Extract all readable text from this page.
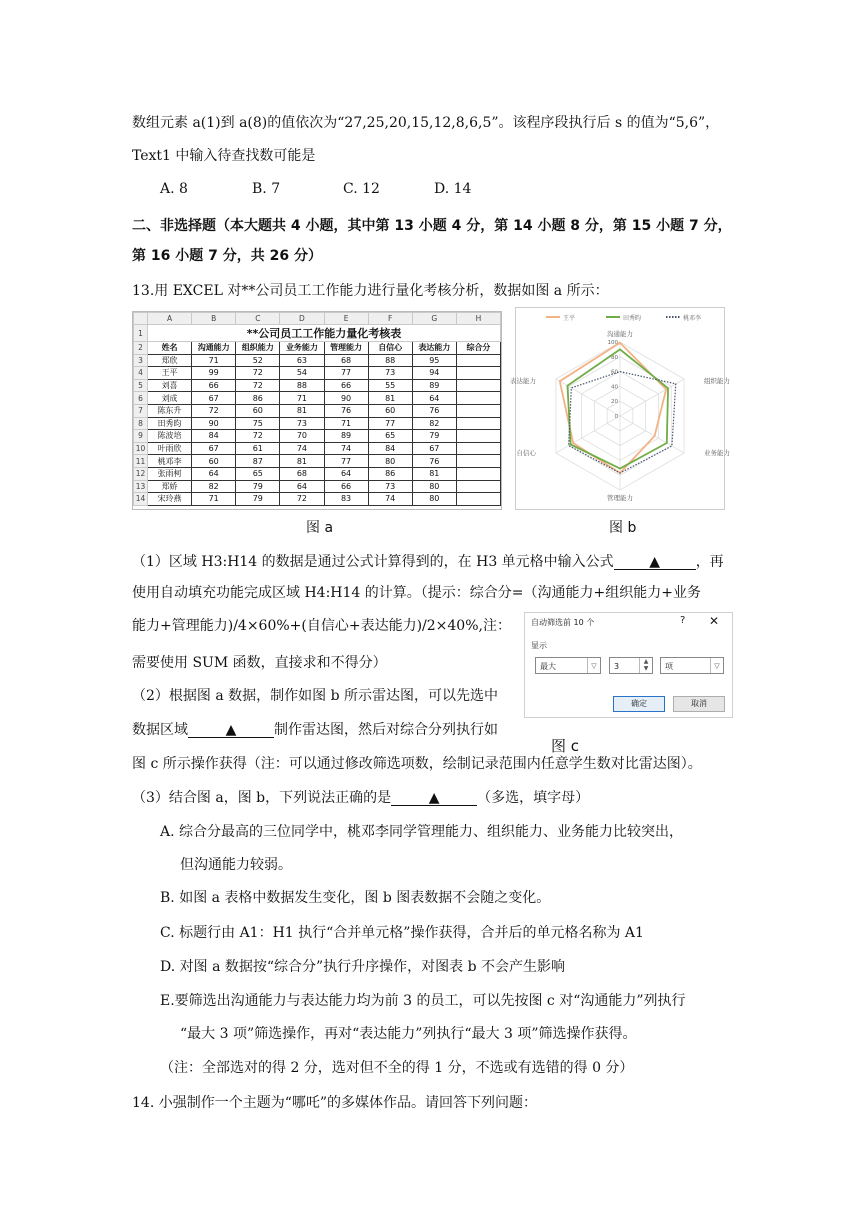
数组元素 a(1)到 a(8)的值依次为“27,25,20,15,12,8,6,5”。该程序段执行后 s 的值为“5,6”，
Text1 中输入待查找数可能是
A. 8	B. 7	C. 12	D. 14
二、非选择题（本大题共 4 小题，其中第 13 小题 4 分，第 14 小题 8 分，第 15 小题 7 分，
第 16 小题 7 分，共 26 分）
13.用 EXCEL 对**公司员工工作能力进行量化考核分析，数据如图 a 所示：
	A	B	C	D	E	F	G	H
1	**公司员工工作能力量化考核表							
2	姓名	沟通能力	组织能力	业务能力	管理能力	自信心	表达能力	综合分
3	郑欣	71	52	63	68	88	95	
4	王平	99	72	54	77	73	94	
5	刘喜	66	72	88	66	55	89	
6	刘成	67	86	71	90	81	64	
7	陈东升	72	60	81	76	60	76	
8	田秀昀	90	75	73	71	77	82	
9	陈波培	84	72	70	89	65	79	
10	叶雨欣	67	61	74	74	84	67	
11	桃邓李	60	87	81	77	80	76	
12	张雨柯	64	65	68	64	86	81	
13	郑娇	82	79	64	66	73	80	
14	宋玲燕	71	79	72	83	74	80	
图 a
王平	田秀昀	桃邓李
100
80
60
40
20
0
沟通能力
组织能力
业务能力
管理能力
自信心
表达能力
图 b
（1）区域 H3:H14 的数据是通过公式计算得到的，在 H3 单元格中输入公式	▲	，再
使用自动填充功能完成区域 H4:H14 的计算。（提示：综合分=（沟通能力+组织能力+业务
能力+管理能力)/4×60%+(自信心+表达能力)/2×40%,注：
需要使用 SUM 函数，直接求和不得分）
自动筛选前 10 个	? ✕
显示
最大	▽	3
▲
▼	项	▽
确定	取消
图 c
（2）根据图 a 数据，制作如图 b 所示雷达图，可以先选中
数据区域	▲	制作雷达图，然后对综合分列执行如
图 c 所示操作获得（注：可以通过修改筛选项数，绘制记录范围内任意学生数对比雷达图）。
（3）结合图 a，图 b，下列说法正确的是	▲	（多选，填字母）
A. 综合分最高的三位同学中，桃邓李同学管理能力、组织能力、业务能力比较突出，
但沟通能力较弱。
B. 如图 a 表格中数据发生变化，图 b 图表数据不会随之变化。
C. 标题行由 A1：H1 执行“合并单元格”操作获得，合并后的单元格名称为 A1
D. 对图 a 数据按“综合分”执行升序操作，对图表 b 不会产生影响
E.要筛选出沟通能力与表达能力均为前 3 的员工，可以先按图 c 对“沟通能力”列执行
“最大 3 项”筛选操作，再对“表达能力”列执行“最大 3 项”筛选操作获得。
（注：全部选对的得 2 分，选对但不全的得 1 分，不选或有选错的得 0 分）
14. 小强制作一个主题为“哪吒”的多媒体作品。请回答下列问题：
